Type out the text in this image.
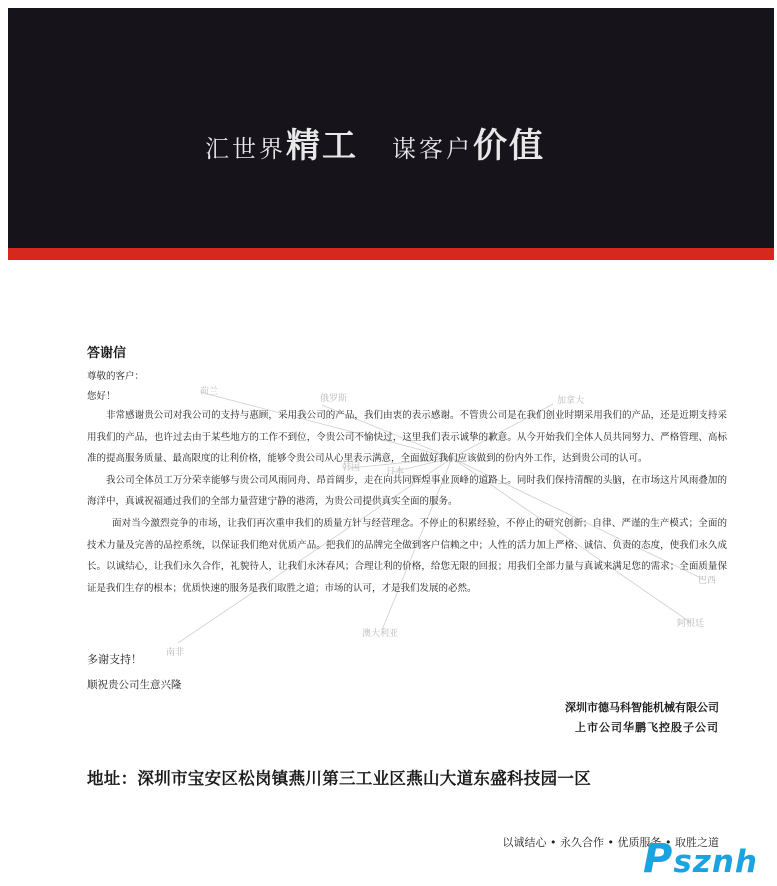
汇世界精工 谋客户价值
荷兰
俄罗斯	加拿大
韩国	日本
巴西
阿根廷
澳大利亚
南非

答谢信

尊敬的客户：

您好！

非常感谢贵公司对我公司的支持与惠顾，采用我公司的产品，我们由衷的表示感谢。不管贵公司是在我们创业时期采用我们的产品，还是近期支持采用我们的产品，也许过去由于某些地方的工作不到位，令贵公司不愉快过，这里我们表示诚挚的歉意。从今开始我们全体人员共同努力、严格管理、高标准的提高服务质量、最高限度的让利价格，能够令贵公司从心里表示满意，全面做好我们应该做到的份内外工作，达到贵公司的认可。

我公司全体员工万分荣幸能够与贵公司风雨同舟、昂首阔步，走在向共同辉煌事业顶峰的道路上。同时我们保持清醒的头脑，在市场这片风雨叠加的海洋中，真诚祝福通过我们的全部力量营建宁静的港湾，为贵公司提供真实全面的服务。

面对当今激烈竞争的市场，让我们再次重申我们的质量方针与经营理念。不停止的积累经验，不停止的研究创新；自律、严谨的生产模式；全面的技术力量及完善的品控系统，以保证我们绝对优质产品。把我们的品牌完全做到客户信赖之中；人性的活力加上严格、诚信、负责的态度，使我们永久成长。以诚结心，让我们永久合作，礼貌待人，让我们永沐春风；合理让利的价格，给您无限的回报；用我们全部力量与真诚来满足您的需求；全面质量保证是我们生存的根本；优质快速的服务是我们取胜之道；市场的认可，才是我们发展的必然。

多谢支持！
顺祝贵公司生意兴隆
深圳市德马科智能机械有限公司
上市公司华鹏飞控股子公司
地址：深圳市宝安区松岗镇燕川第三工业区燕山大道东盛科技园一区
以诚结心 • 永久合作 • 优质服务 • 取胜之道
Psznh
